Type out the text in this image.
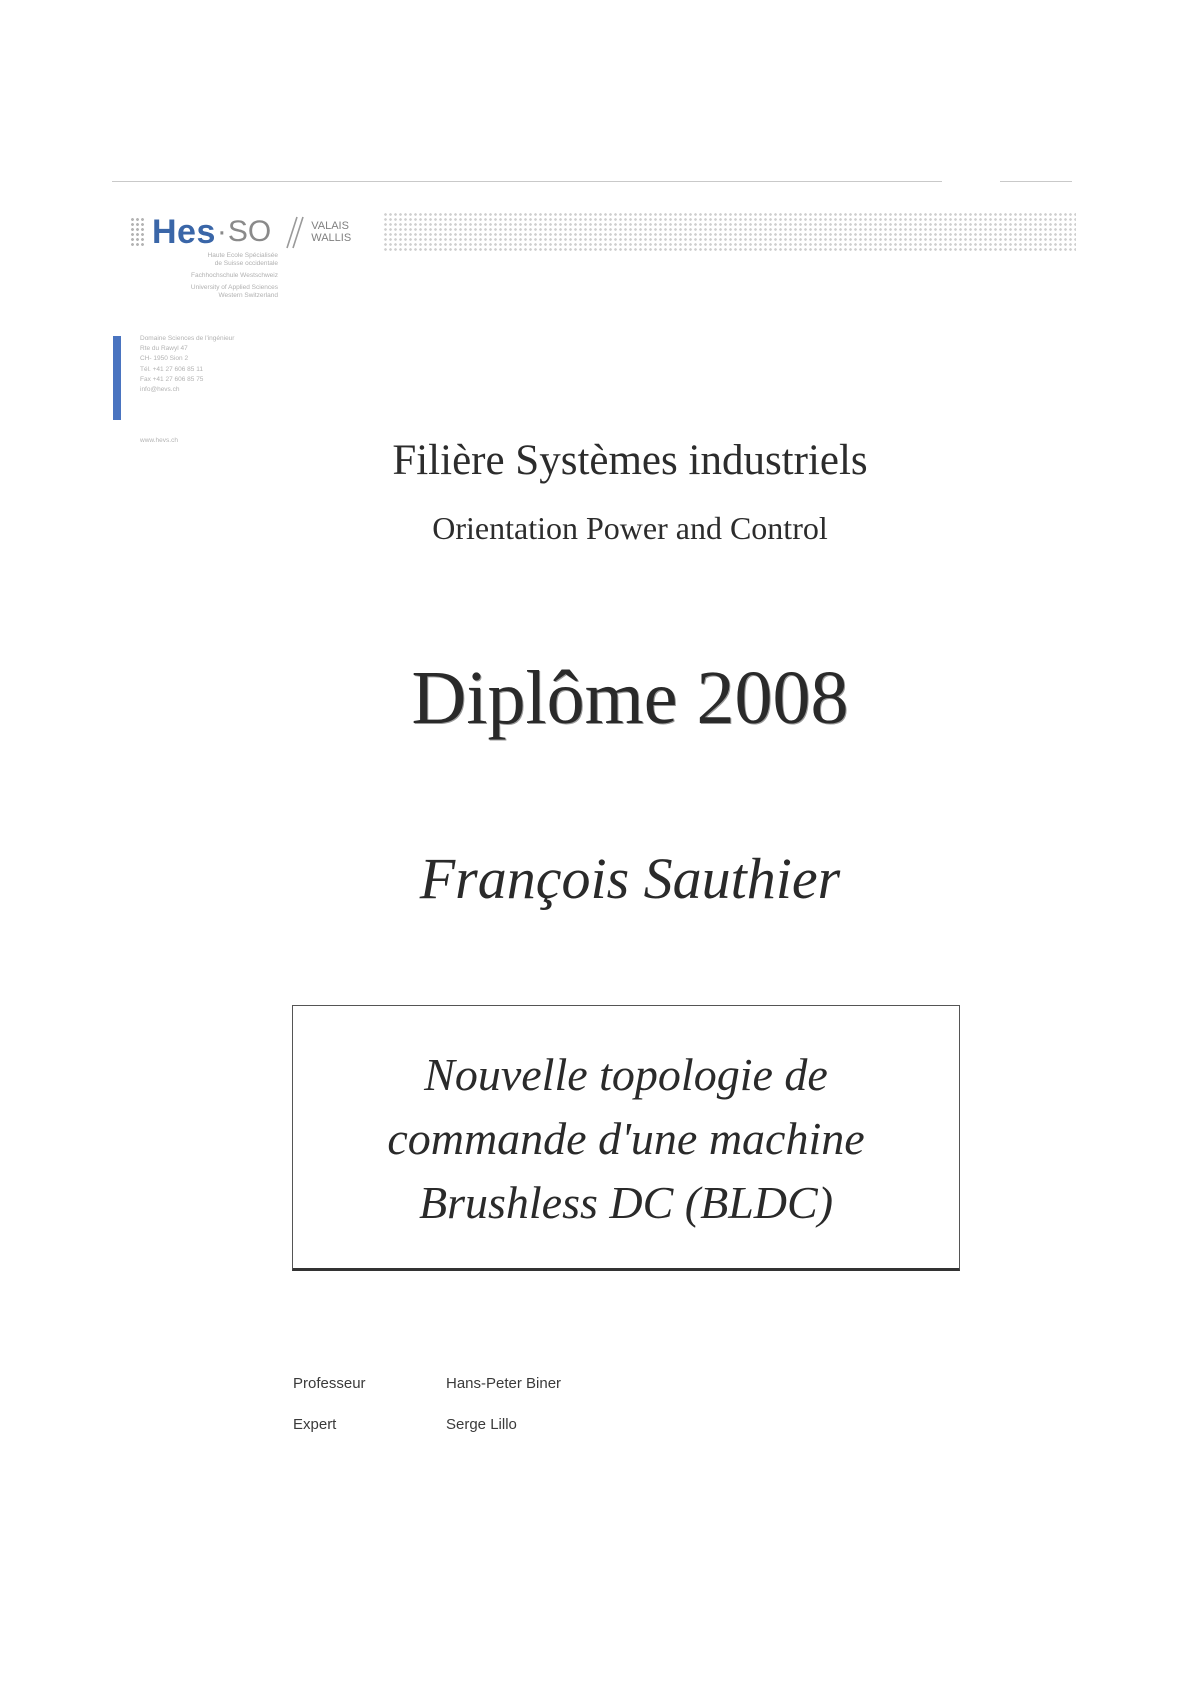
Hes · SO	VALAIS
WALLIS
Haute Ecole Spécialisée
de Suisse occidentale
Fachhochschule Westschweiz
University of Applied Sciences
Western Switzerland
Domaine Sciences de l'ingénieur
Rte du Rawyl 47
CH- 1950 Sion 2
Tél. +41 27 606 85 11
Fax +41 27 606 85 75
info@hevs.ch
www.hevs.ch	Filière Systèmes industriels
Orientation Power and Control
Diplôme 2008
François Sauthier
Nouvelle topologie de
commande d'une machine
Brushless DC (BLDC)
Professeur	Hans-Peter Biner
Expert	Serge Lillo
